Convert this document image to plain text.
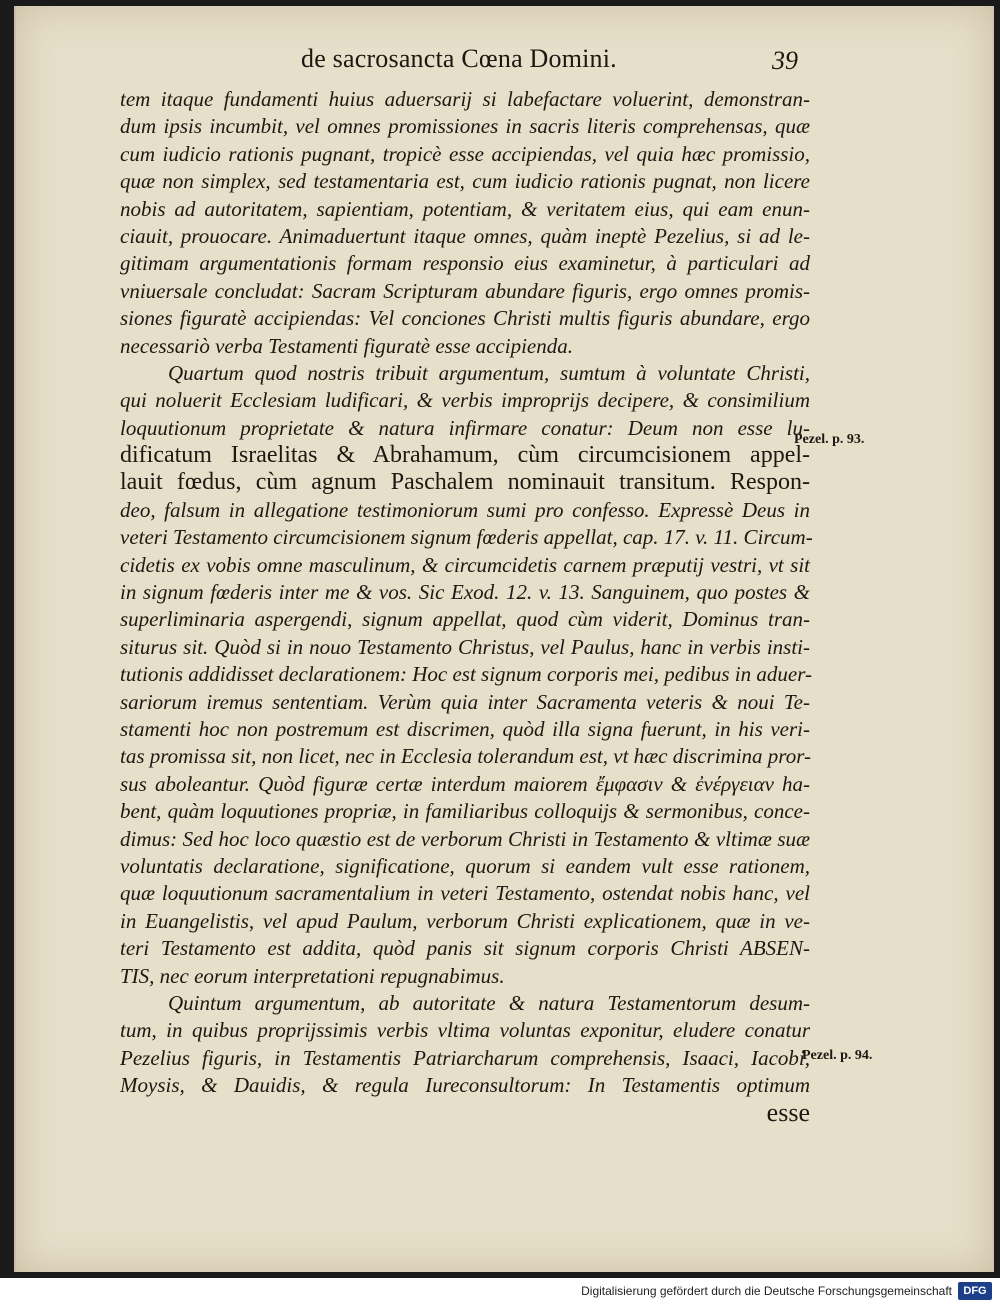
de sacrosancta Cœna Domini.	39
tem itaque fundamenti huius aduersarij si labefactare voluerint, demonstran-
dum ipsis incumbit, vel omnes promissiones in sacris literis comprehensas, quæ
cum iudicio rationis pugnant, tropicè esse accipiendas, vel quia hæc promissio,
quæ non simplex, sed testamentaria est, cum iudicio rationis pugnat, non licere
nobis ad autoritatem, sapientiam, potentiam, & veritatem eius, qui eam enun-
ciauit, prouocare. Animaduertunt itaque omnes, quàm ineptè Pezelius, si ad le-
gitimam argumentationis formam responsio eius examinetur, à particulari ad
vniuersale concludat: Sacram Scripturam abundare figuris, ergo omnes promis-
siones figuratè accipiendas: Vel conciones Christi multis figuris abundare, ergo
necessariò verba Testamenti figuratè esse accipienda.
Quartum quod nostris tribuit argumentum, sumtum à voluntate Christi,
qui noluerit Ecclesiam ludificari, & verbis improprijs decipere, & consimilium
loquutionum proprietate & natura infirmare conatur: Deum non esse lu-
dificatum Israelitas & Abrahamum, cùm circumcisionem appel-
lauit fœdus, cùm agnum Paschalem nominauit transitum. Respon-
deo, falsum in allegatione testimoniorum sumi pro confesso. Expressè Deus in
veteri Testamento circumcisionem signum fœderis appellat, cap. 17. v. 11. Circum-
cidetis ex vobis omne masculinum, & circumcidetis carnem præputij vestri, vt sit
in signum fœderis inter me & vos. Sic Exod. 12. v. 13. Sanguinem, quo postes &
superliminaria aspergendi, signum appellat, quod cùm viderit, Dominus tran-
siturus sit. Quòd si in nouo Testamento Christus, vel Paulus, hanc in verbis insti-
tutionis addidisset declarationem: Hoc est signum corporis mei, pedibus in aduer-
sariorum iremus sententiam. Verùm quia inter Sacramenta veteris & noui Te-
stamenti hoc non postremum est discrimen, quòd illa signa fuerunt, in his veri-
tas promissa sit, non licet, nec in Ecclesia tolerandum est, vt hæc discrimina pror-
sus aboleantur. Quòd figuræ certæ interdum maiorem ἔμφασιν & ἐνέργειαν ha-
bent, quàm loquutiones propriæ, in familiaribus colloquijs & sermonibus, conce-
dimus: Sed hoc loco quæstio est de verborum Christi in Testamento & vltimæ suæ
voluntatis declaratione, significatione, quorum si eandem vult esse rationem,
quæ loquutionum sacramentalium in veteri Testamento, ostendat nobis hanc, vel
in Euangelistis, vel apud Paulum, verborum Christi explicationem, quæ in ve-
teri Testamento est addita, quòd panis sit signum corporis Christi ABSEN-
TIS, nec eorum interpretationi repugnabimus.
Quintum argumentum, ab autoritate & natura Testamentorum desum-
tum, in quibus proprijssimis verbis vltima voluntas exponitur, eludere conatur
Pezelius figuris, in Testamentis Patriarcharum comprehensis, Isaaci, Iacobi,
Moysis, & Dauidis, & regula Iureconsultorum: In Testamentis optimum
esse
Pezel. p. 93.
Pezel. p. 94.
Digitalisierung gefördert durch die Deutsche Forschungsgemeinschaft	DFG
